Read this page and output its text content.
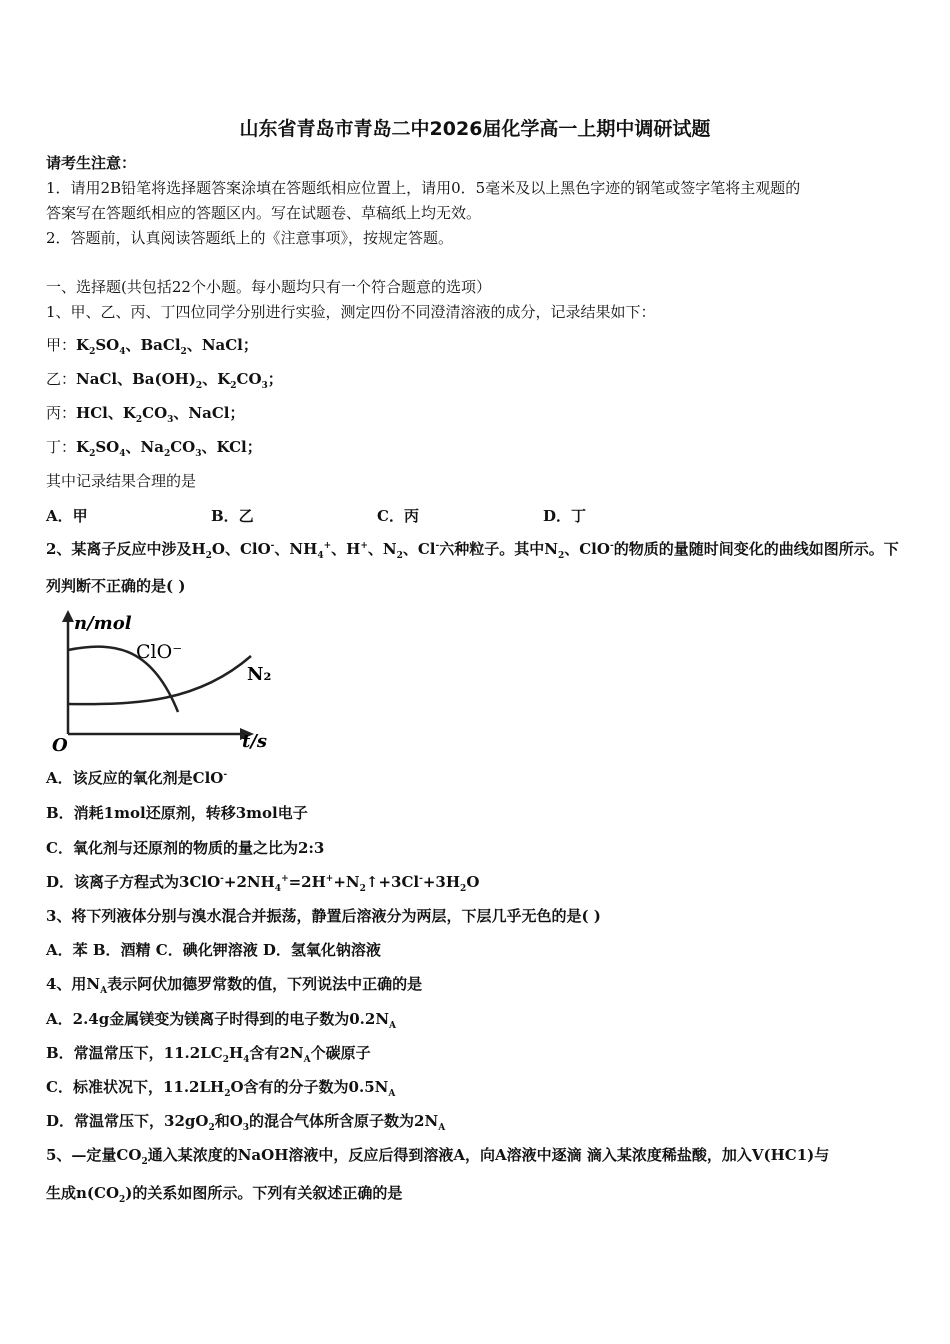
山东省青岛市青岛二中2026届化学高一上期中调研试题
请考生注意：
1．请用2B铅笔将选择题答案涂填在答题纸相应位置上，请用0．5毫米及以上黑色字迹的钢笔或签字笔将主观题的
答案写在答题纸相应的答题区内。写在试题卷、草稿纸上均无效。
2．答题前，认真阅读答题纸上的《注意事项》，按规定答题。
一、选择题(共包括22个小题。每小题均只有一个符合题意的选项）
1、甲、乙、丙、丁四位同学分别进行实验，测定四份不同澄清溶液的成分，记录结果如下：
甲：$K_2SO_4$、BaCl$_2$、NaCl；
乙：NaCl、$Ba(OH)_2$、$K_2CO_3$；
丙：HCl、$K_2CO_3$、NaCl；
丁：$K_2SO_4$、$Na_2CO_3$、KCl；
其中记录结果合理的是
A．甲	B．乙	C．丙	D．丁
2、某离子反应中涉及$H_2O$、ClO-、$NH_4^+$、H+、$N_2$、Cl-六种粒子。其中$N_2$、ClO-的物质的量随时间变化的曲线如图所示。下
列判断不正确的是( )
n/mol
ClO⁻
N₂
O	t/s
A．该反应的氧化剂是ClO-
B．消耗1mol还原剂，转移3mol电子
C．氧化剂与还原剂的物质的量之比为2:3
D．该离子方程式为$3ClO^-+2NH_4^+=2H^++N_2↑+3Cl^-+3H_2O$
3、将下列液体分别与溴水混合并振荡，静置后溶液分为两层，下层几乎无色的是( )
A．苯 B．酒精 C．碘化钾溶液 D．氢氧化钠溶液
4、用$N_A$表示阿伏加德罗常数的值，下列说法中正确的是
A．2.4g金属镁变为镁离子时得到的电子数为$0.2N_A$
B．常温常压下，$11.2LC_2H_4$含有$2N_A$个碳原子
C．标准状况下，$11.2LH_2O$含有的分子数为$0.5N_A$
D．常温常压下，$32gO_2$和$O_3$的混合气体所含原子数为$2N_A$
5、—定量$CO_2$通入某浓度的NaOH溶液中，反应后得到溶液A，向A溶液中逐滴 滴入某浓度稀盐酸，加入V(HC1)与
生成$n(CO_2)$的关系如图所示。下列有关叙述正确的是
